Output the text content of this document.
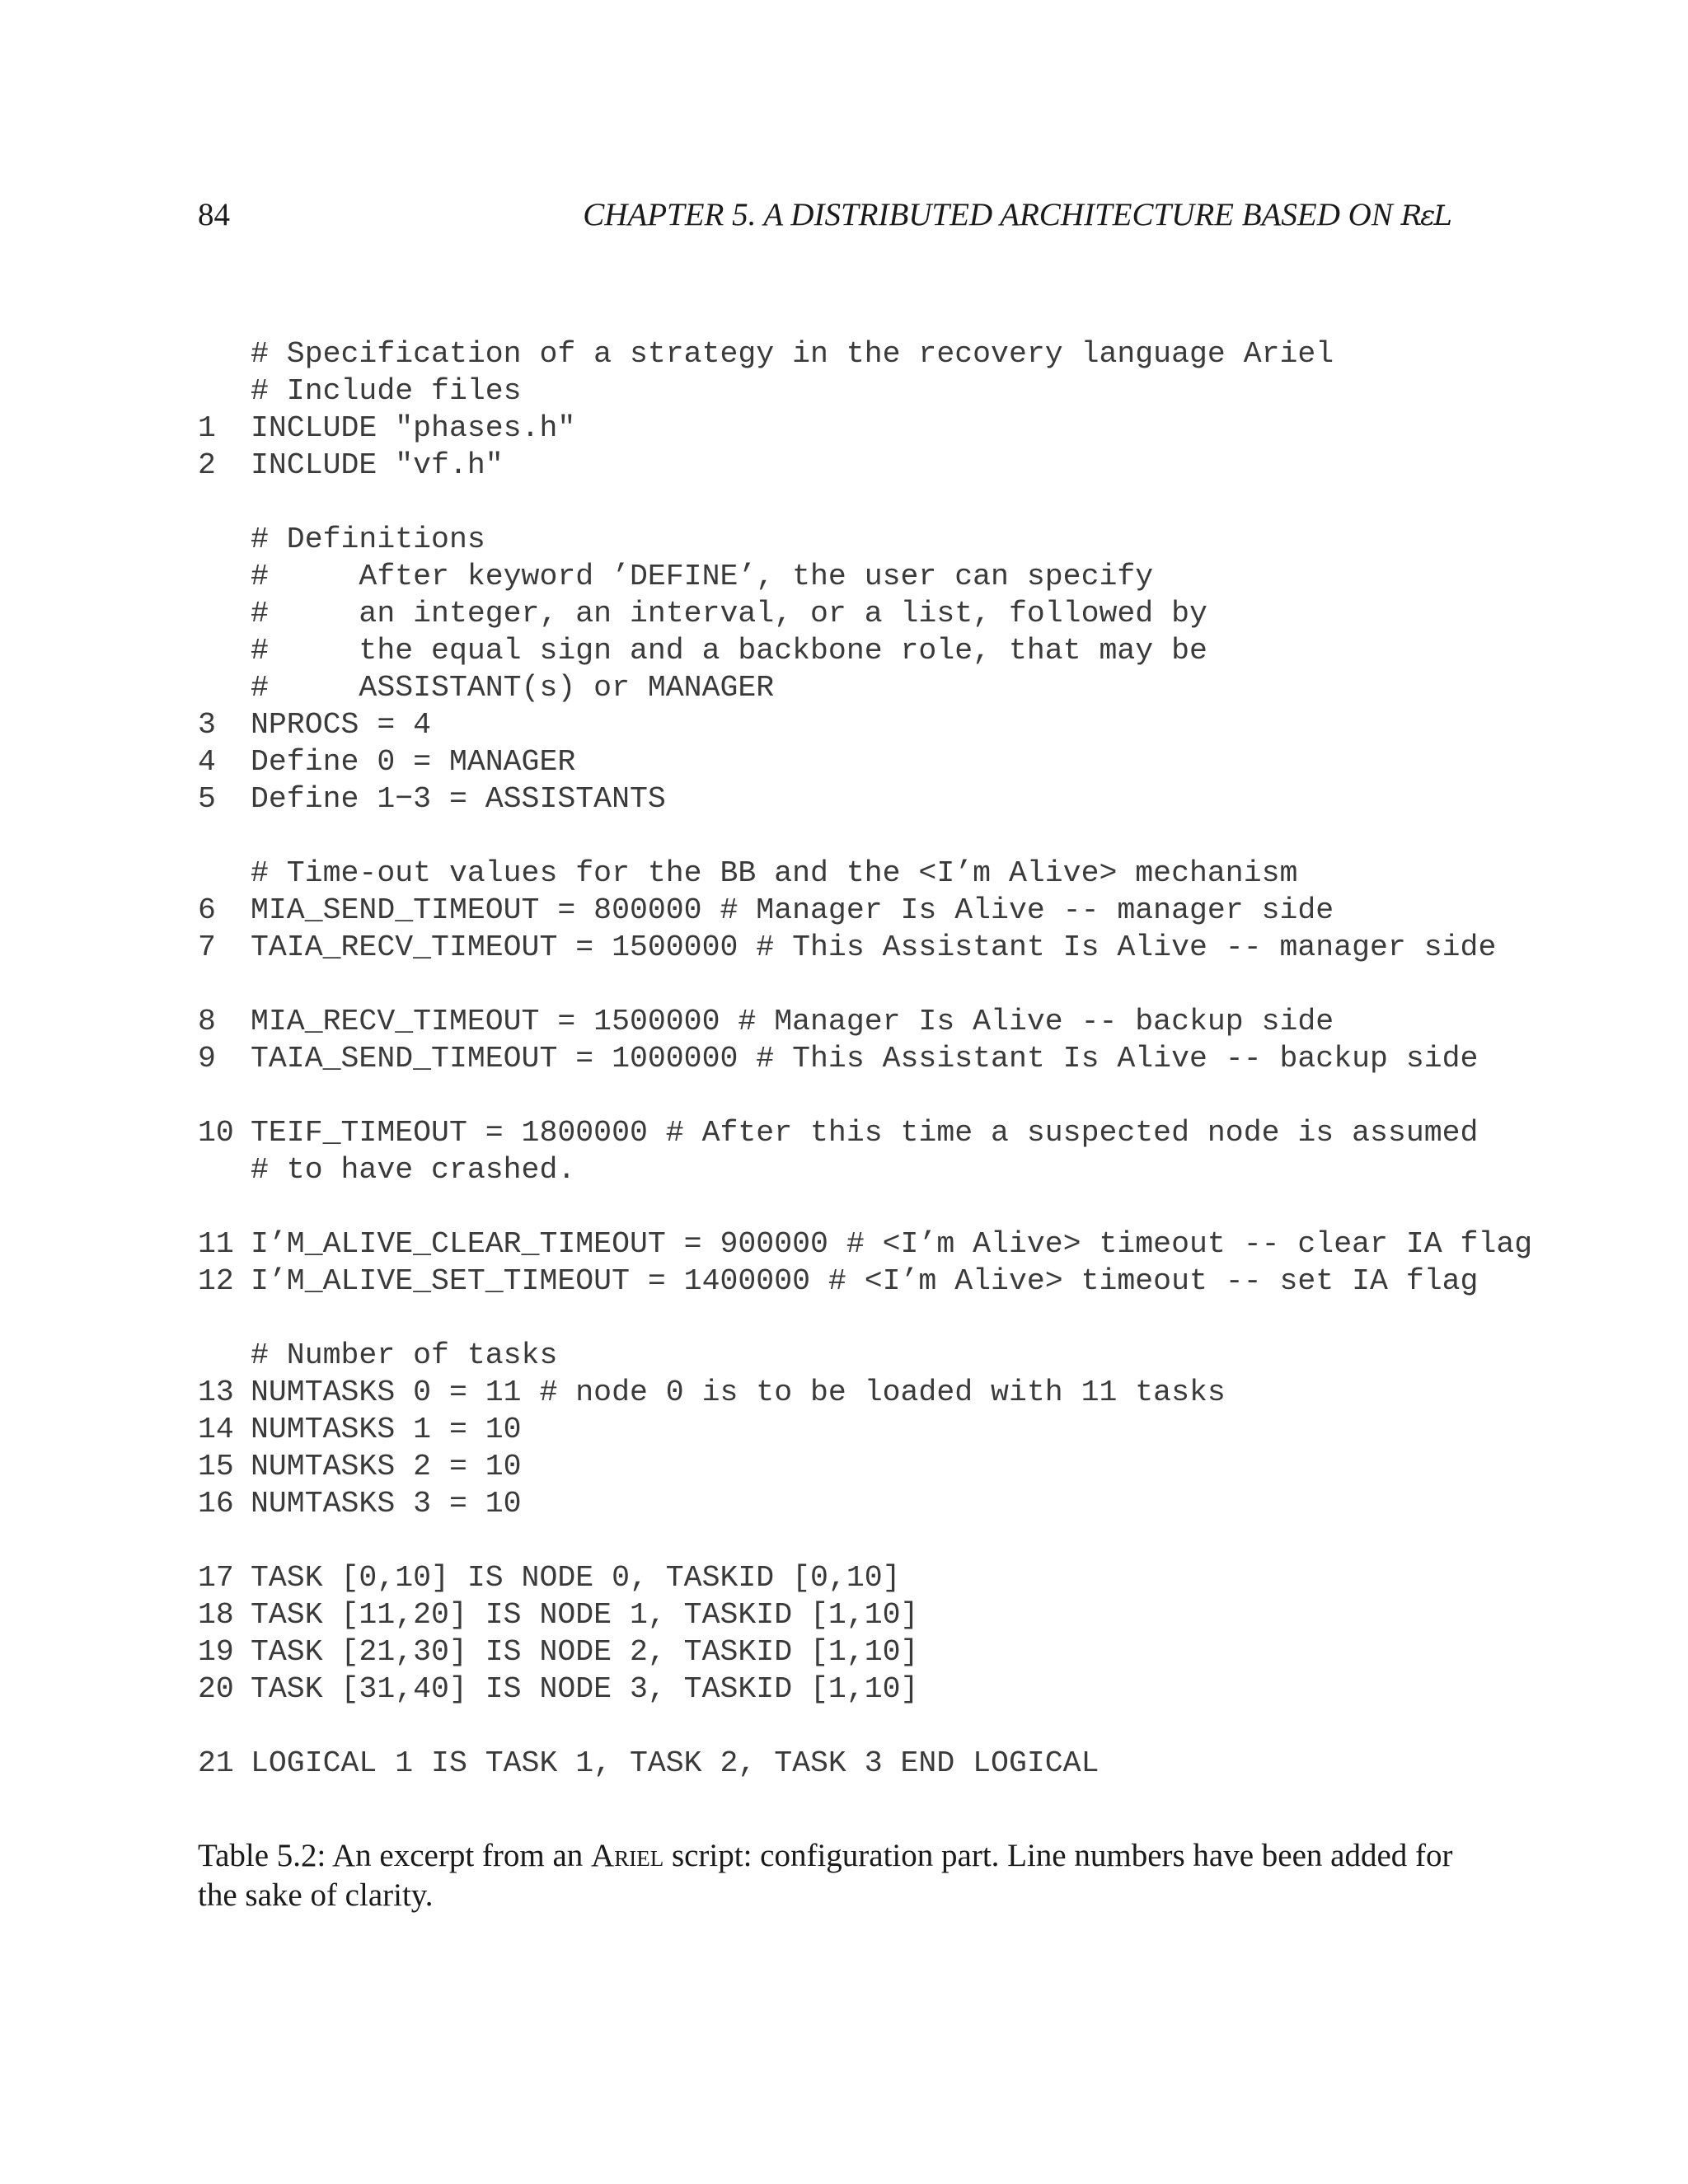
84	CHAPTER 5. A DISTRIBUTED ARCHITECTURE BASED ON RεL
# Specification of a strategy in the recovery language Ariel
# Include files
1 INCLUDE "phases.h"
2 INCLUDE "vf.h"
# Definitions
#     After keyword ’DEFINE’, the user can specify
#     an integer, an interval, or a list, followed by
#     the equal sign and a backbone role, that may be
#     ASSISTANT(s) or MANAGER
3 NPROCS = 4
4 Define 0 = MANAGER
5 Define 1−3 = ASSISTANTS
# Time-out values for the BB and the <I’m Alive> mechanism
6 MIA_SEND_TIMEOUT = 800000 # Manager Is Alive -- manager side
7 TAIA_RECV_TIMEOUT = 1500000 # This Assistant Is Alive -- manager side
8 MIA_RECV_TIMEOUT = 1500000 # Manager Is Alive -- backup side
9 TAIA_SEND_TIMEOUT = 1000000 # This Assistant Is Alive -- backup side
10 TEIF_TIMEOUT = 1800000 # After this time a suspected node is assumed
# to have crashed.
11 I’M_ALIVE_CLEAR_TIMEOUT = 900000 # <I’m Alive> timeout -- clear IA flag
12 I’M_ALIVE_SET_TIMEOUT = 1400000 # <I’m Alive> timeout -- set IA flag
# Number of tasks
13 NUMTASKS 0 = 11 # node 0 is to be loaded with 11 tasks
14 NUMTASKS 1 = 10
15 NUMTASKS 2 = 10
16 NUMTASKS 3 = 10
17 TASK [0,10] IS NODE 0, TASKID [0,10]
18 TASK [11,20] IS NODE 1, TASKID [1,10]
19 TASK [21,30] IS NODE 2, TASKID [1,10]
20 TASK [31,40] IS NODE 3, TASKID [1,10]
21 LOGICAL 1 IS TASK 1, TASK 2, TASK 3 END LOGICAL
Table 5.2: An excerpt from an Ariel script: configuration part. Line numbers have been added for the sake of clarity.
